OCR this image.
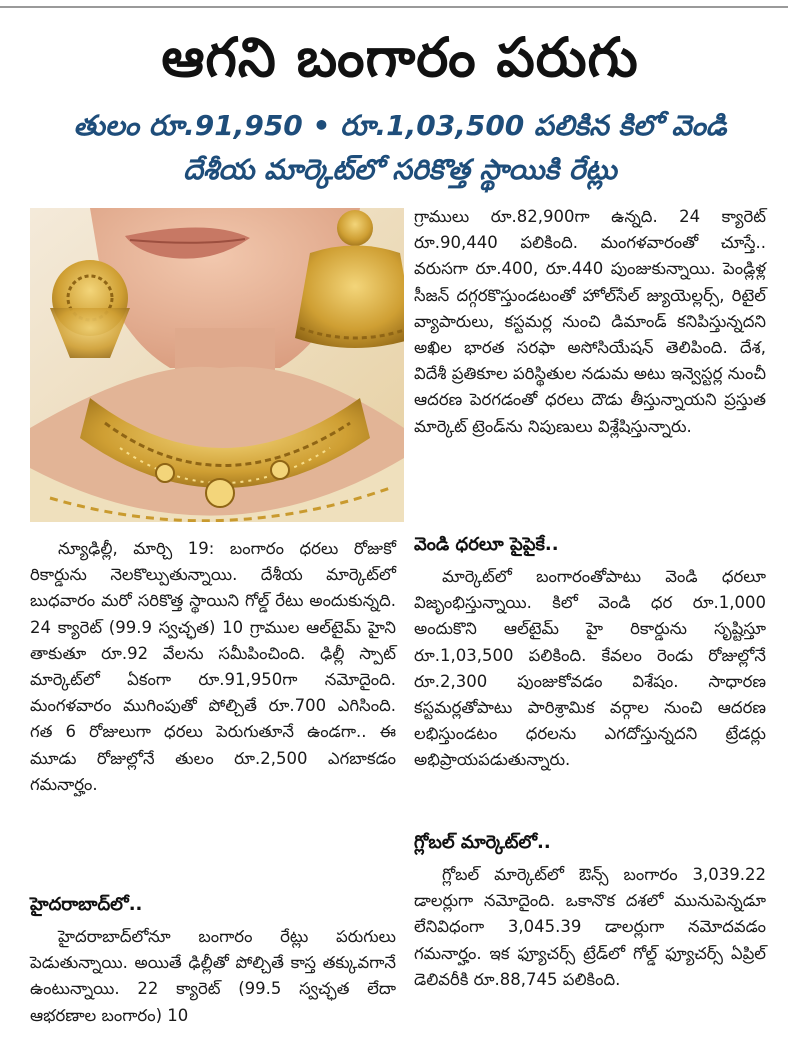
ఆగని బంగారం పరుగు
తులం రూ.91,950 • రూ.1,03,500 పలికిన కిలో వెండి
దేశీయ మార్కెట్‌లో సరికొత్త స్థాయికి రేట్లు

న్యూఢిల్లీ, మార్చి 19: బంగారం ధరలు రోజుకో రికార్డును నెలకొల్పుతున్నాయి. దేశీయ మార్కెట్‌లో బుధవారం మరో సరికొత్త స్థాయిని గోల్డ్ రేటు అందుకున్నది. 24 క్యారెట్ (99.9 స్వచ్ఛత) 10 గ్రాముల ఆల్‌టైమ్ హైని తాకుతూ రూ.92 వేలను సమీపించింది. ఢిల్లీ స్పాట్ మార్కెట్‌లో ఏకంగా రూ.91,950గా నమోదైంది. మంగళవారం ముగింపుతో పోల్చితే రూ.700 ఎగిసింది. గత 6 రోజులుగా ధరలు పెరుగుతూనే ఉండగా.. ఈ మూడు రోజుల్లోనే తులం రూ.2,500 ఎగబాకడం గమనార్హం.

హైదరాబాద్‌లో..

హైదరాబాద్‌లోనూ బంగారం రేట్లు పరుగులు పెడుతున్నాయి. అయితే ఢిల్లీతో పోల్చితే కాస్త తక్కువగానే ఉంటున్నాయి. 22 క్యారెట్ (99.5 స్వచ్ఛత లేదా ఆభరణాల బంగారం) 10

గ్రాములు రూ.82,900గా ఉన్నది. 24 క్యారెట్ రూ.90,440 పలికింది. మంగళవారంతో చూస్తే.. వరుసగా రూ.400, రూ.440 పుంజుకున్నాయి. పెండ్లిళ్ల సీజన్ దగ్గరకొస్తుండటంతో హోల్‌సేల్ జ్యుయెల్లర్స్, రిటైల్ వ్యాపారులు, కస్టమర్ల నుంచి డిమాండ్ కనిపిస్తున్నదని అఖిల భారత సరఫా అసోసియేషన్ తెలిపింది. దేశ, విదేశీ ప్రతికూల పరిస్థితుల నడుమ అటు ఇన్వెస్టర్ల నుంచీ ఆదరణ పెరగడంతో ధరలు దౌడు తీస్తున్నాయని ప్రస్తుత మార్కెట్ ట్రెండ్‌ను నిపుణులు విశ్లేషిస్తున్నారు.

వెండి ధరలూ పైపైకే..

మార్కెట్‌లో బంగారంతోపాటు వెండి ధరలూ విజృంభిస్తున్నాయి. కిలో వెండి ధర రూ.1,000 అందుకొని ఆల్‌టైమ్ హై రికార్డును సృష్టిస్తూ రూ.1,03,500 పలికింది. కేవలం రెండు రోజుల్లోనే రూ.2,300 పుంజుకోవడం విశేషం. సాధారణ కస్టమర్లతోపాటు పారిశ్రామిక వర్గాల నుంచి ఆదరణ లభిస్తుండటం ధరలను ఎగదోస్తున్నదని ట్రేడర్లు అభిప్రాయపడుతున్నారు.

గ్లోబల్ మార్కెట్‌లో..

గ్లోబల్ మార్కెట్‌లో ఔన్స్ బంగారం 3,039.22 డాలర్లుగా నమోదైంది. ఒకానొక దశలో మునుపెన్నడూ లేనివిధంగా 3,045.39 డాలర్లుగా నమోదవడం గమనార్హం. ఇక ఫ్యూచర్స్ ట్రేడ్‌లో గోల్డ్ ఫ్యూచర్స్ ఏప్రిల్ డెలివరీకి రూ.88,745 పలికింది.
